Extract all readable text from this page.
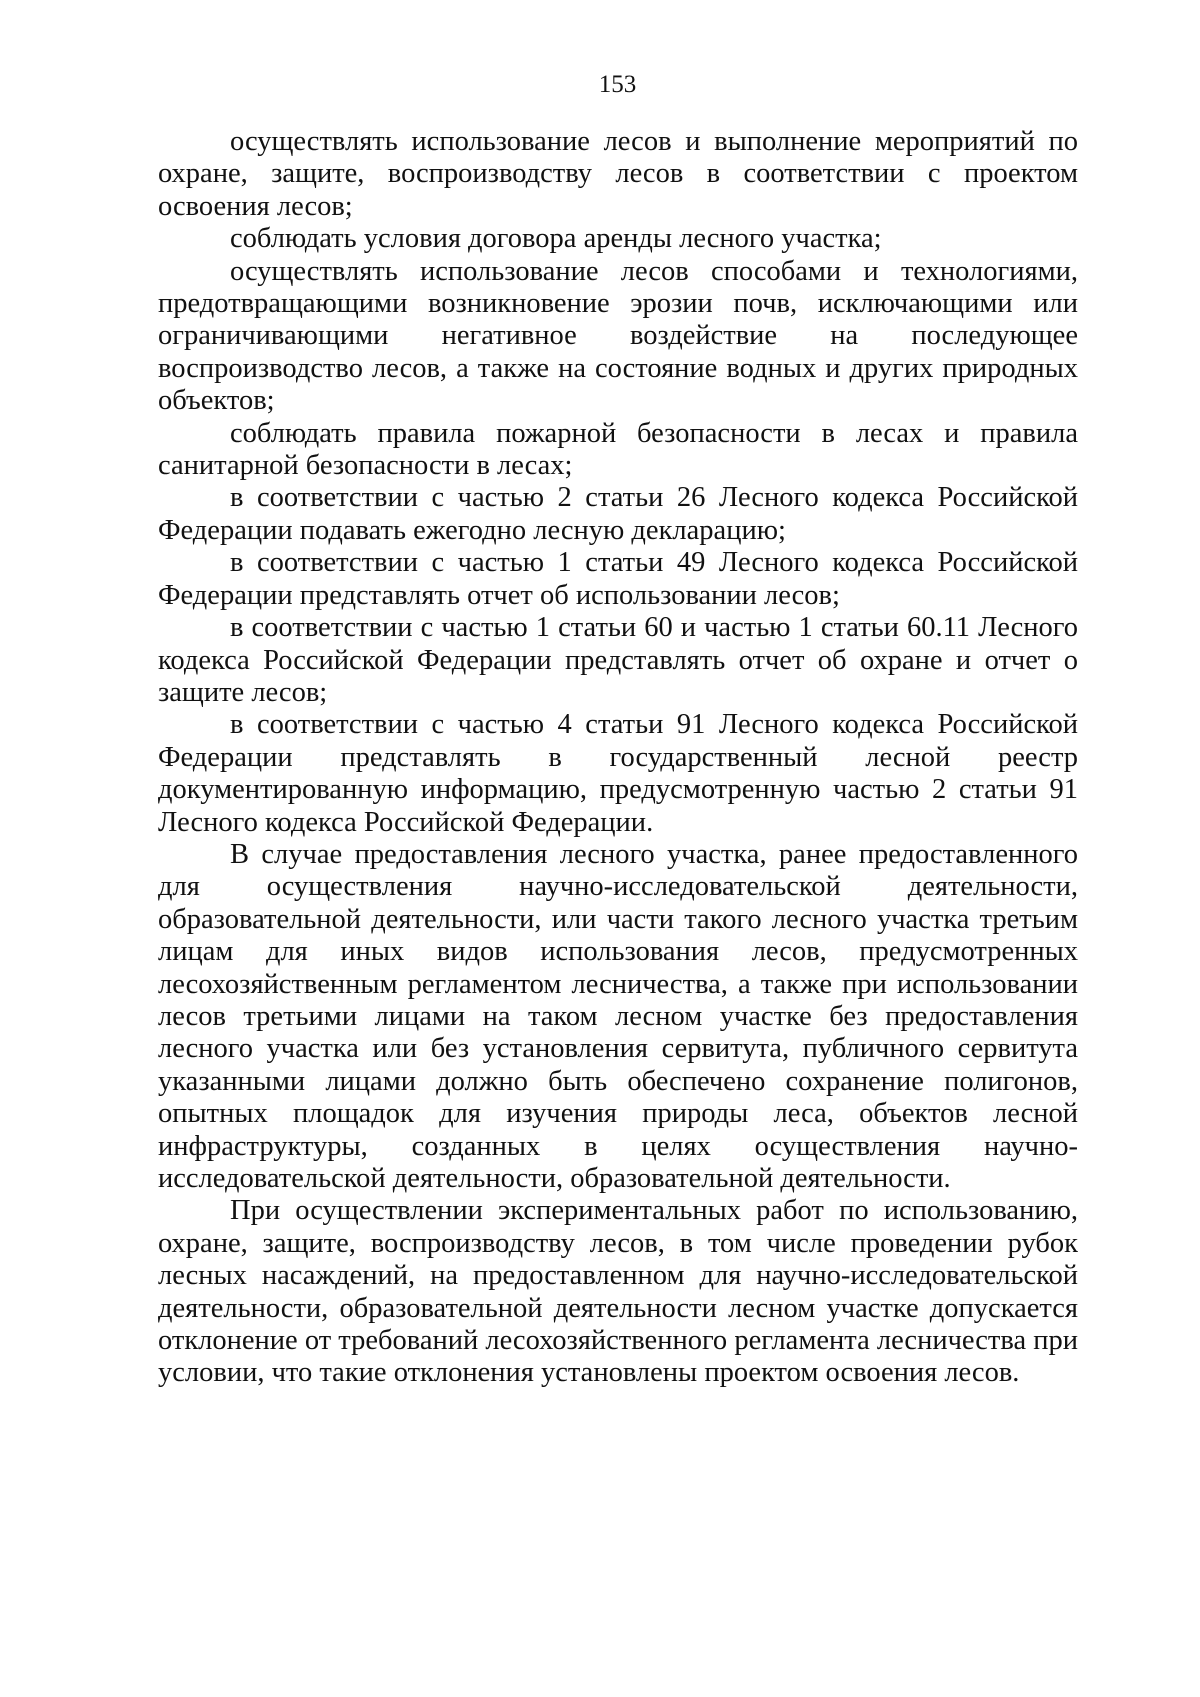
153

осуществлять использование лесов и выполнение мероприятий по охране, защите, воспроизводству лесов в соответствии с проектом освоения лесов;

соблюдать условия договора аренды лесного участка;

осуществлять использование лесов способами и технологиями, предотвращающими возникновение эрозии почв, исключающими или ограничивающими негативное воздействие на последующее воспроизводство лесов, а также на состояние водных и других природных объектов;

соблюдать правила пожарной безопасности в лесах и правила санитарной безопасности в лесах;

в соответствии с частью 2 статьи 26 Лесного кодекса Российской Федерации подавать ежегодно лесную декларацию;

в соответствии с частью 1 статьи 49 Лесного кодекса Российской Федерации представлять отчет об использовании лесов;

в соответствии с частью 1 статьи 60 и частью 1 статьи 60.11 Лесного кодекса Российской Федерации представлять отчет об охране и отчет о защите лесов;

в соответствии с частью 4 статьи 91 Лесного кодекса Российской Федерации представлять в государственный лесной реестр документированную информацию, предусмотренную частью 2 статьи 91 Лесного кодекса Российской Федерации.

В случае предоставления лесного участка, ранее предоставленного для осуществления научно-исследовательской деятельности, образовательной деятельности, или части такого лесного участка третьим лицам для иных видов использования лесов, предусмотренных лесохозяйственным регламентом лесничества, а также при использовании лесов третьими лицами на таком лесном участке без предоставления лесного участка или без установления сервитута, публичного сервитута указанными лицами должно быть обеспечено сохранение полигонов, опытных площадок для изучения природы леса, объектов лесной инфраструктуры, созданных в целях осуществления научно-исследовательской деятельности, образовательной деятельности.

При осуществлении экспериментальных работ по использованию, охране, защите, воспроизводству лесов, в том числе проведении рубок лесных насаждений, на предоставленном для научно-исследовательской деятельности, образовательной деятельности лесном участке допускается отклонение от требований лесохозяйственного регламента лесничества при условии, что такие отклонения установлены проектом освоения лесов.
